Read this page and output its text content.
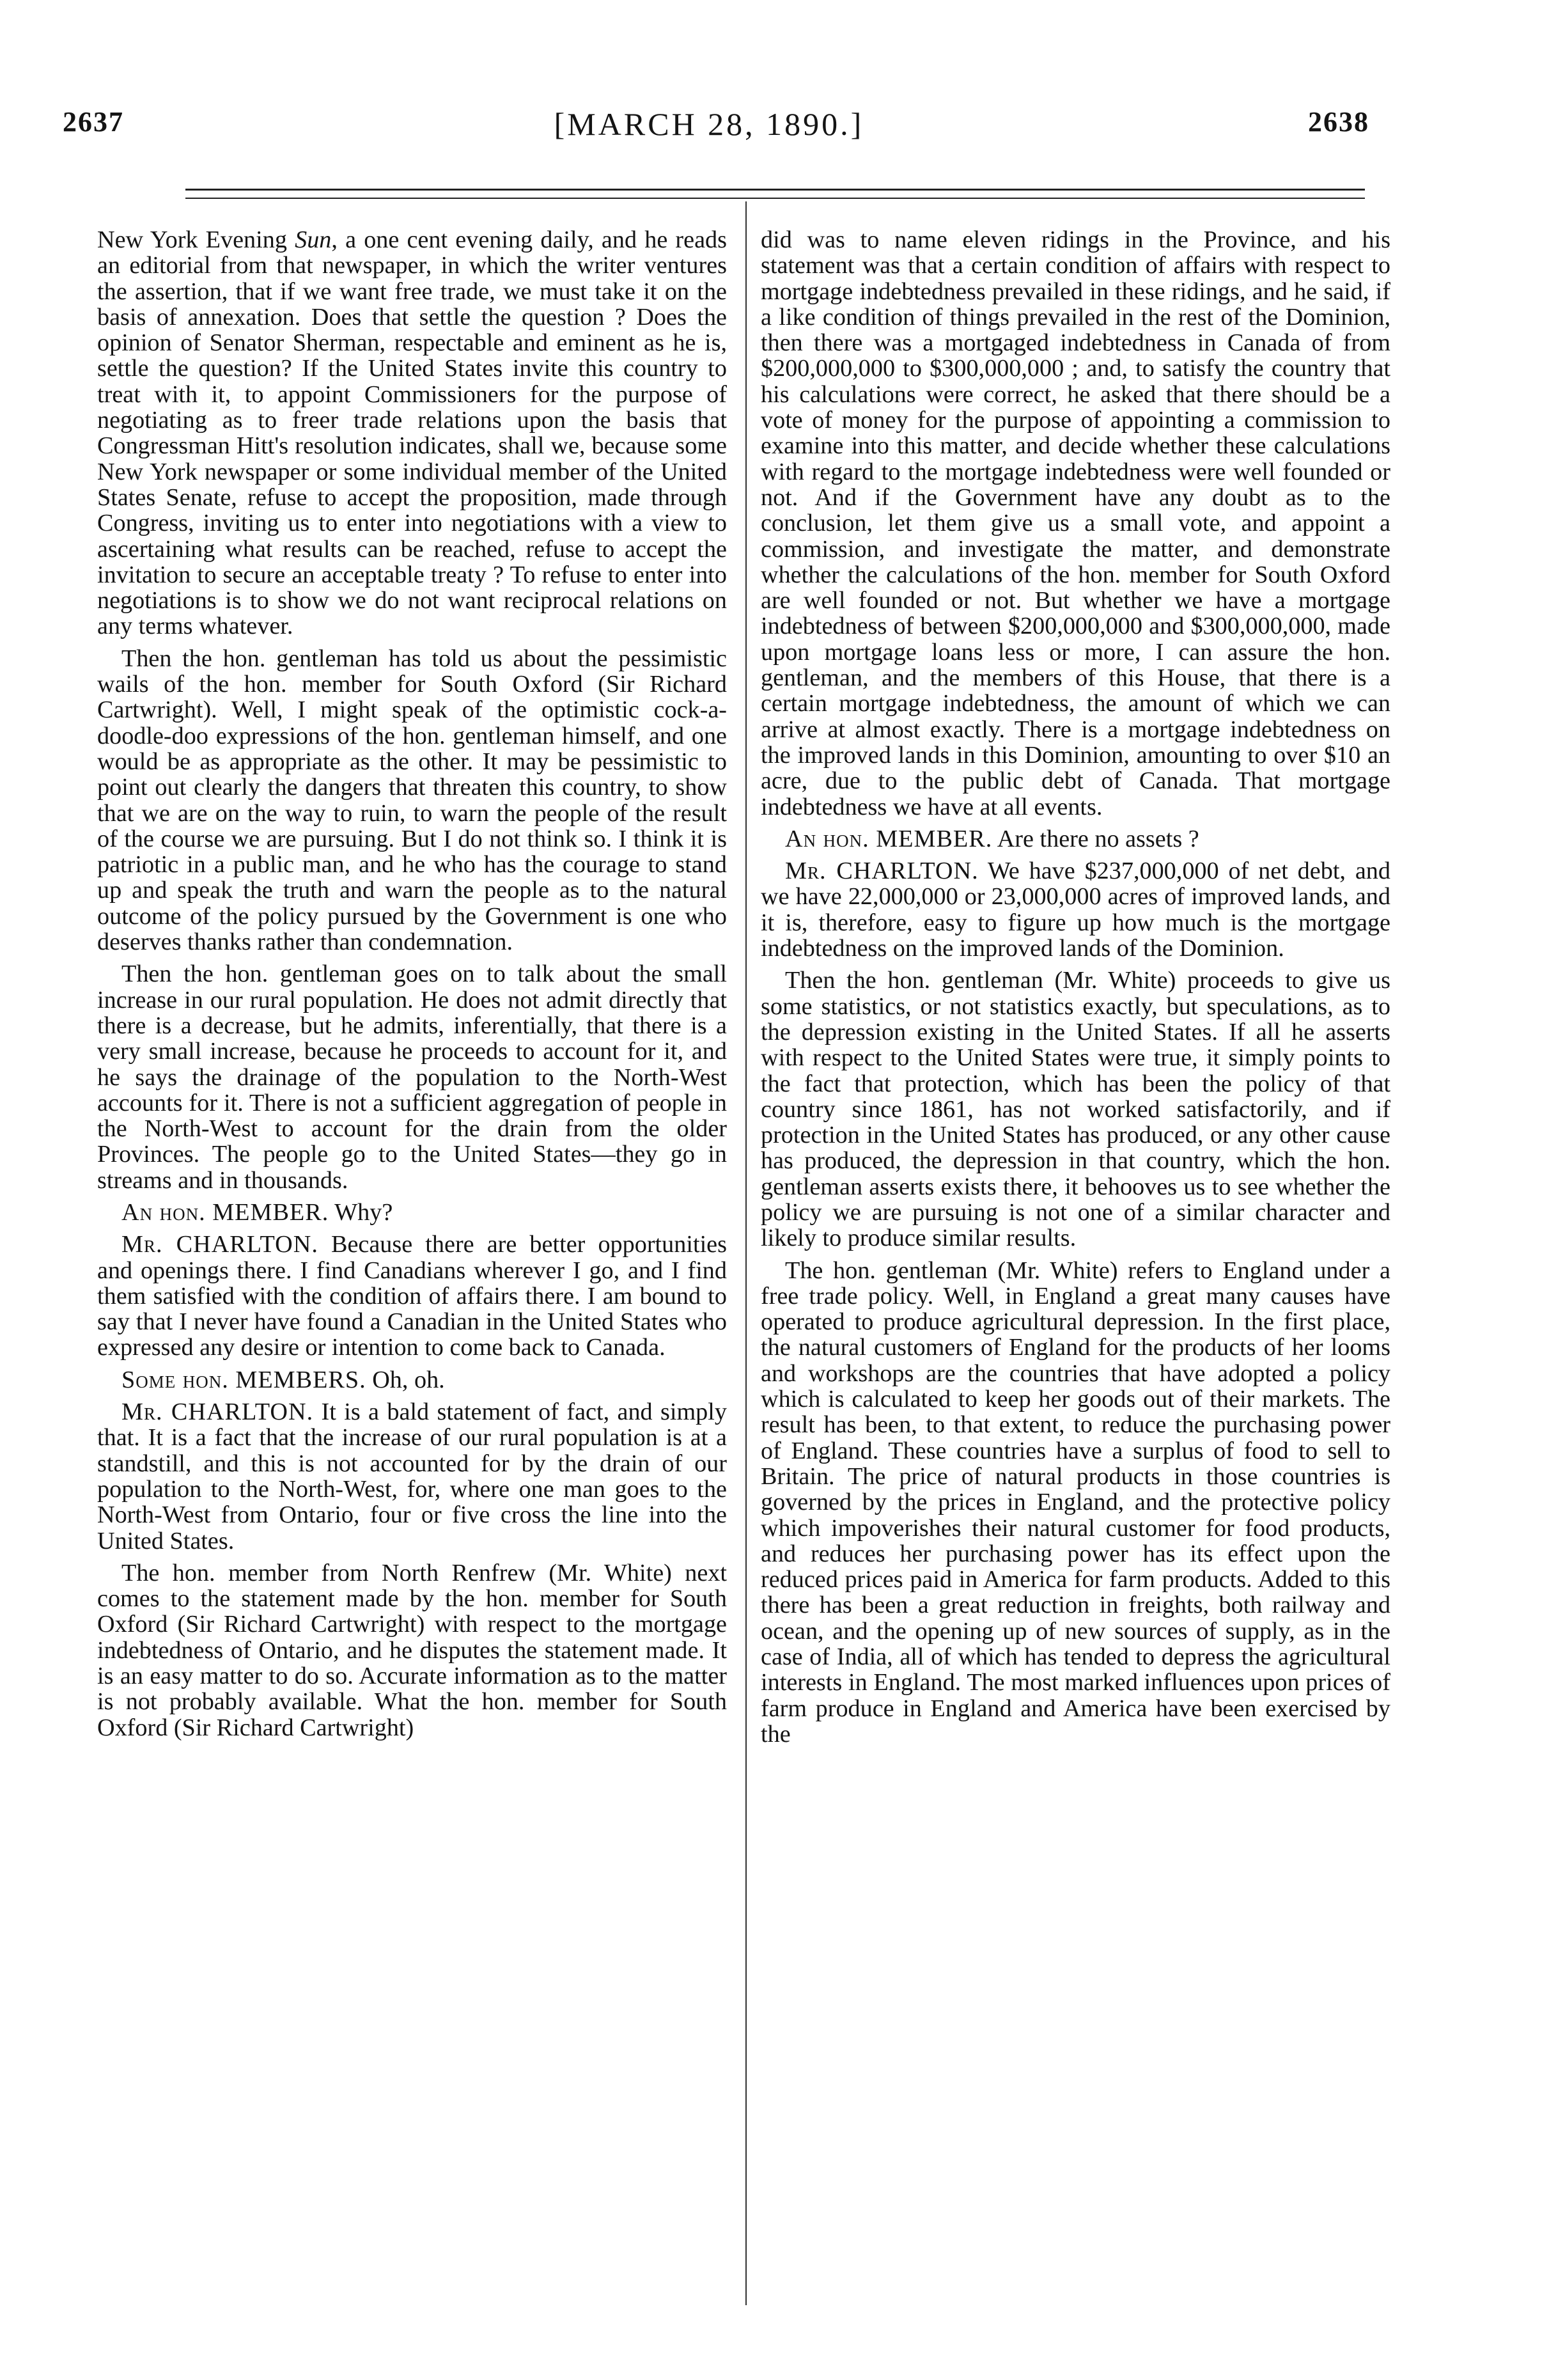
2637	[MARCH 28, 1890.]	2638

New York Evening Sun, a one cent evening daily, and he reads an editorial from that newspaper, in which the writer ventures the assertion, that if we want free trade, we must take it on the basis of annexation. Does that settle the question ? Does the opinion of Senator Sherman, respectable and eminent as he is, settle the question? If the United States invite this country to treat with it, to appoint Commissioners for the purpose of negotiating as to freer trade relations upon the basis that Congressman Hitt's resolution indicates, shall we, because some New York newspaper or some individual member of the United States Senate, refuse to accept the proposition, made through Congress, inviting us to enter into negotiations with a view to ascertaining what results can be reached, refuse to accept the invitation to secure an acceptable treaty ? To refuse to enter into negotiations is to show we do not want reciprocal relations on any terms whatever.

Then the hon. gentleman has told us about the pessimistic wails of the hon. member for South Oxford (Sir Richard Cartwright). Well, I might speak of the optimistic cock-a-doodle-doo expressions of the hon. gentleman himself, and one would be as appropriate as the other. It may be pessimistic to point out clearly the dangers that threaten this country, to show that we are on the way to ruin, to warn the people of the result of the course we are pursuing. But I do not think so. I think it is patriotic in a public man, and he who has the courage to stand up and speak the truth and warn the people as to the natural outcome of the policy pursued by the Government is one who deserves thanks rather than condemnation.

Then the hon. gentleman goes on to talk about the small increase in our rural population. He does not admit directly that there is a decrease, but he admits, inferentially, that there is a very small increase, because he proceeds to account for it, and he says the drainage of the population to the North-West accounts for it. There is not a sufficient aggregation of people in the North-West to account for the drain from the older Provinces. The people go to the United States—they go in streams and in thousands.

An hon. MEMBER. Why?

Mr. CHARLTON. Because there are better opportunities and openings there. I find Canadians wherever I go, and I find them satisfied with the condition of affairs there. I am bound to say that I never have found a Canadian in the United States who expressed any desire or intention to come back to Canada.

Some hon. MEMBERS. Oh, oh.

Mr. CHARLTON. It is a bald statement of fact, and simply that. It is a fact that the increase of our rural population is at a standstill, and this is not accounted for by the drain of our population to the North-West, for, where one man goes to the North-West from Ontario, four or five cross the line into the United States.

The hon. member from North Renfrew (Mr. White) next comes to the statement made by the hon. member for South Oxford (Sir Richard Cartwright) with respect to the mortgage indebtedness of Ontario, and he disputes the statement made. It is an easy matter to do so. Accurate information as to the matter is not probably available. What the hon. member for South Oxford (Sir Richard Cartwright)

did was to name eleven ridings in the Province, and his statement was that a certain condition of affairs with respect to mortgage indebtedness prevailed in these ridings, and he said, if a like condition of things prevailed in the rest of the Dominion, then there was a mortgaged indebtedness in Canada of from $200,000,000 to $300,000,000 ; and, to satisfy the country that his calculations were correct, he asked that there should be a vote of money for the purpose of appointing a commission to examine into this matter, and decide whether these calculations with regard to the mortgage indebtedness were well founded or not. And if the Government have any doubt as to the conclusion, let them give us a small vote, and appoint a commission, and investigate the matter, and demonstrate whether the calculations of the hon. member for South Oxford are well founded or not. But whether we have a mortgage indebtedness of between $200,000,000 and $300,000,000, made upon mortgage loans less or more, I can assure the hon. gentleman, and the members of this House, that there is a certain mortgage indebtedness, the amount of which we can arrive at almost exactly. There is a mortgage indebtedness on the improved lands in this Dominion, amounting to over $10 an acre, due to the public debt of Canada. That mortgage indebtedness we have at all events.

An hon. MEMBER. Are there no assets ?

Mr. CHARLTON. We have $237,000,000 of net debt, and we have 22,000,000 or 23,000,000 acres of improved lands, and it is, therefore, easy to figure up how much is the mortgage indebtedness on the improved lands of the Dominion.

Then the hon. gentleman (Mr. White) proceeds to give us some statistics, or not statistics exactly, but speculations, as to the depression existing in the United States. If all he asserts with respect to the United States were true, it simply points to the fact that protection, which has been the policy of that country since 1861, has not worked satisfactorily, and if protection in the United States has produced, or any other cause has produced, the depression in that country, which the hon. gentleman asserts exists there, it behooves us to see whether the policy we are pursuing is not one of a similar character and likely to produce similar results.

The hon. gentleman (Mr. White) refers to England under a free trade policy. Well, in England a great many causes have operated to produce agricultural depression. In the first place, the natural customers of England for the products of her looms and workshops are the countries that have adopted a policy which is calculated to keep her goods out of their markets. The result has been, to that extent, to reduce the purchasing power of England. These countries have a surplus of food to sell to Britain. The price of natural products in those countries is governed by the prices in England, and the protective policy which impoverishes their natural customer for food products, and reduces her purchasing power has its effect upon the reduced prices paid in America for farm products. Added to this there has been a great reduction in freights, both railway and ocean, and the opening up of new sources of supply, as in the case of India, all of which has tended to depress the agricultural interests in England. The most marked influences upon prices of farm produce in England and America have been exercised by the
